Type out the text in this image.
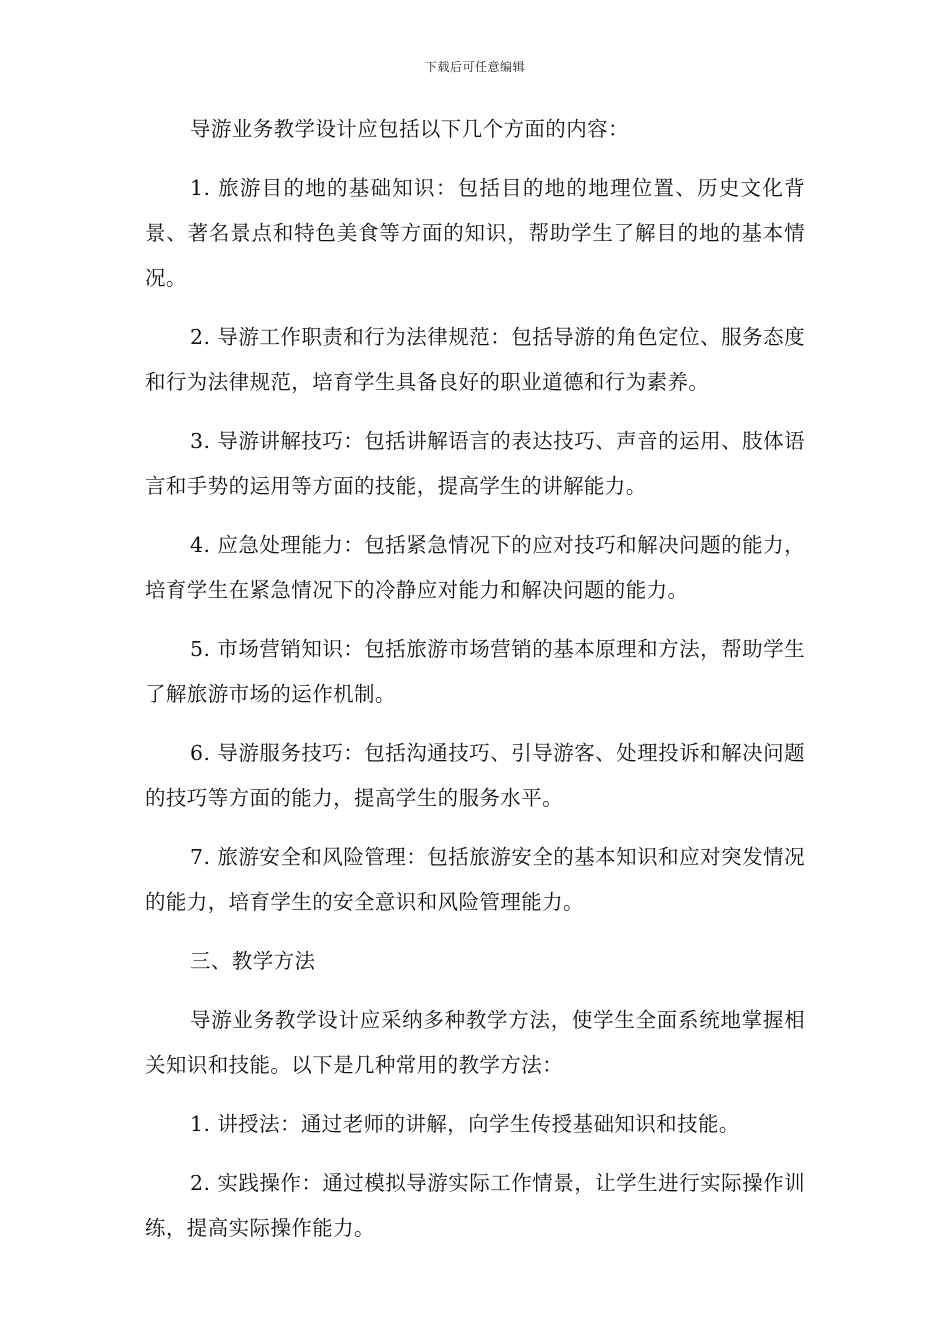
下载后可任意编辑

导游业务教学设计应包括以下几个方面的内容：

1. 旅游目的地的基础知识：包括目的地的地理位置、历史文化背景、著名景点和特色美食等方面的知识，帮助学生了解目的地的基本情况。

2. 导游工作职责和行为法律规范：包括导游的角色定位、服务态度和行为法律规范，培育学生具备良好的职业道德和行为素养。

3. 导游讲解技巧：包括讲解语言的表达技巧、声音的运用、肢体语言和手势的运用等方面的技能，提高学生的讲解能力。

4. 应急处理能力：包括紧急情况下的应对技巧和解决问题的能力，培育学生在紧急情况下的冷静应对能力和解决问题的能力。

5. 市场营销知识：包括旅游市场营销的基本原理和方法，帮助学生了解旅游市场的运作机制。

6. 导游服务技巧：包括沟通技巧、引导游客、处理投诉和解决问题的技巧等方面的能力，提高学生的服务水平。

7. 旅游安全和风险管理：包括旅游安全的基本知识和应对突发情况的能力，培育学生的安全意识和风险管理能力。

三、教学方法

导游业务教学设计应采纳多种教学方法，使学生全面系统地掌握相关知识和技能。以下是几种常用的教学方法：

1. 讲授法：通过老师的讲解，向学生传授基础知识和技能。

2. 实践操作：通过模拟导游实际工作情景，让学生进行实际操作训练，提高实际操作能力。
